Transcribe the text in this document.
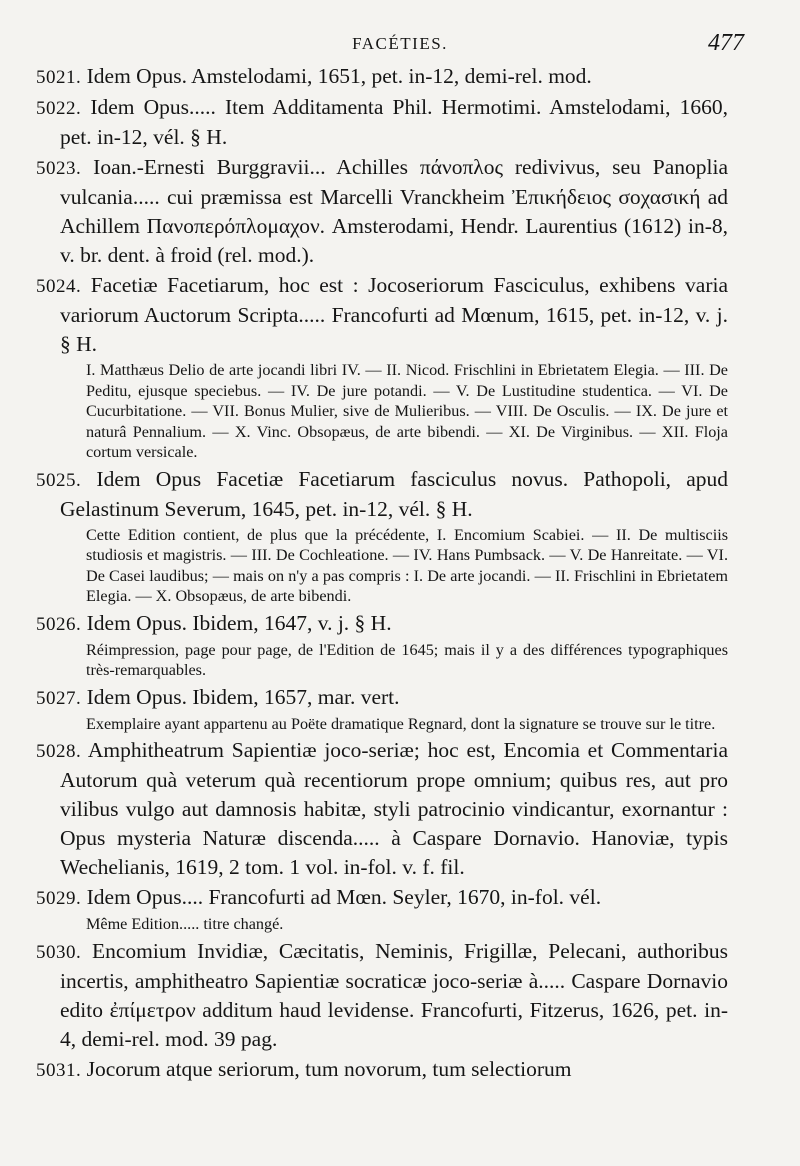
FACÉTIES.	477

5021. Idem Opus. Amstelodami, 1651, pet. in-12, demi-rel. mod.

5022. Idem Opus..... Item Additamenta Phil. Hermotimi. Amstelodami, 1660, pet. in-12, vél. § H.

5023. Ioan.-Ernesti Burggravii... Achilles πάνοπλος redivivus, seu Panoplia vulcania..... cui præmissa est Marcelli Vranckheim Ἐπικήδειος σοχασική ad Achillem Πανοπερόπλομαχον. Amsterodami, Hendr. Laurentius (1612) in-8, v. br. dent. à froid (rel. mod.).

5024. Facetiæ Facetiarum, hoc est : Jocoseriorum Fasciculus, exhibens varia variorum Auctorum Scripta..... Francofurti ad Mœnum, 1615, pet. in-12, v. j. § H.

I. Matthæus Delio de arte jocandi libri IV. — II. Nicod. Frischlini in Ebrietatem Elegia. — III. De Peditu, ejusque speciebus. — IV. De jure potandi. — V. De Lustitudine studentica. — VI. De Cucurbitatione. — VII. Bonus Mulier, sive de Mulieribus. — VIII. De Osculis. — IX. De jure et naturâ Pennalium. — X. Vinc. Obsopæus, de arte bibendi. — XI. De Virginibus. — XII. Floja cortum versicale.

5025. Idem Opus Facetiæ Facetiarum fasciculus novus. Pathopoli, apud Gelastinum Severum, 1645, pet. in-12, vél. § H.

Cette Edition contient, de plus que la précédente, I. Encomium Scabiei. — II. De multisciis studiosis et magistris. — III. De Cochleatione. — IV. Hans Pumbsack. — V. De Hanreitate. — VI. De Casei laudibus; — mais on n'y a pas compris : I. De arte jocandi. — II. Frischlini in Ebrietatem Elegia. — X. Obsopæus, de arte bibendi.

5026. Idem Opus. Ibidem, 1647, v. j. § H.

Réimpression, page pour page, de l'Edition de 1645; mais il y a des différences typographiques très-remarquables.

5027. Idem Opus. Ibidem, 1657, mar. vert.

Exemplaire ayant appartenu au Poëte dramatique Regnard, dont la signature se trouve sur le titre.

5028. Amphitheatrum Sapientiæ joco-seriæ; hoc est, Encomia et Commentaria Autorum quà veterum quà recentiorum prope omnium; quibus res, aut pro vilibus vulgo aut damnosis habitæ, styli patrocinio vindicantur, exornantur : Opus mysteria Naturæ discenda..... à Caspare Dornavio. Hanoviæ, typis Wechelianis, 1619, 2 tom. 1 vol. in-fol. v. f. fil.

5029. Idem Opus.... Francofurti ad Mœn. Seyler, 1670, in-fol. vél.

Même Edition..... titre changé.

5030. Encomium Invidiæ, Cæcitatis, Neminis, Frigillæ, Pelecani, authoribus incertis, amphitheatro Sapientiæ socraticæ joco-seriæ à..... Caspare Dornavio edito ἐπίμετρον additum haud levidense. Francofurti, Fitzerus, 1626, pet. in-4, demi-rel. mod. 39 pag.

5031. Jocorum atque seriorum, tum novorum, tum selectiorum
